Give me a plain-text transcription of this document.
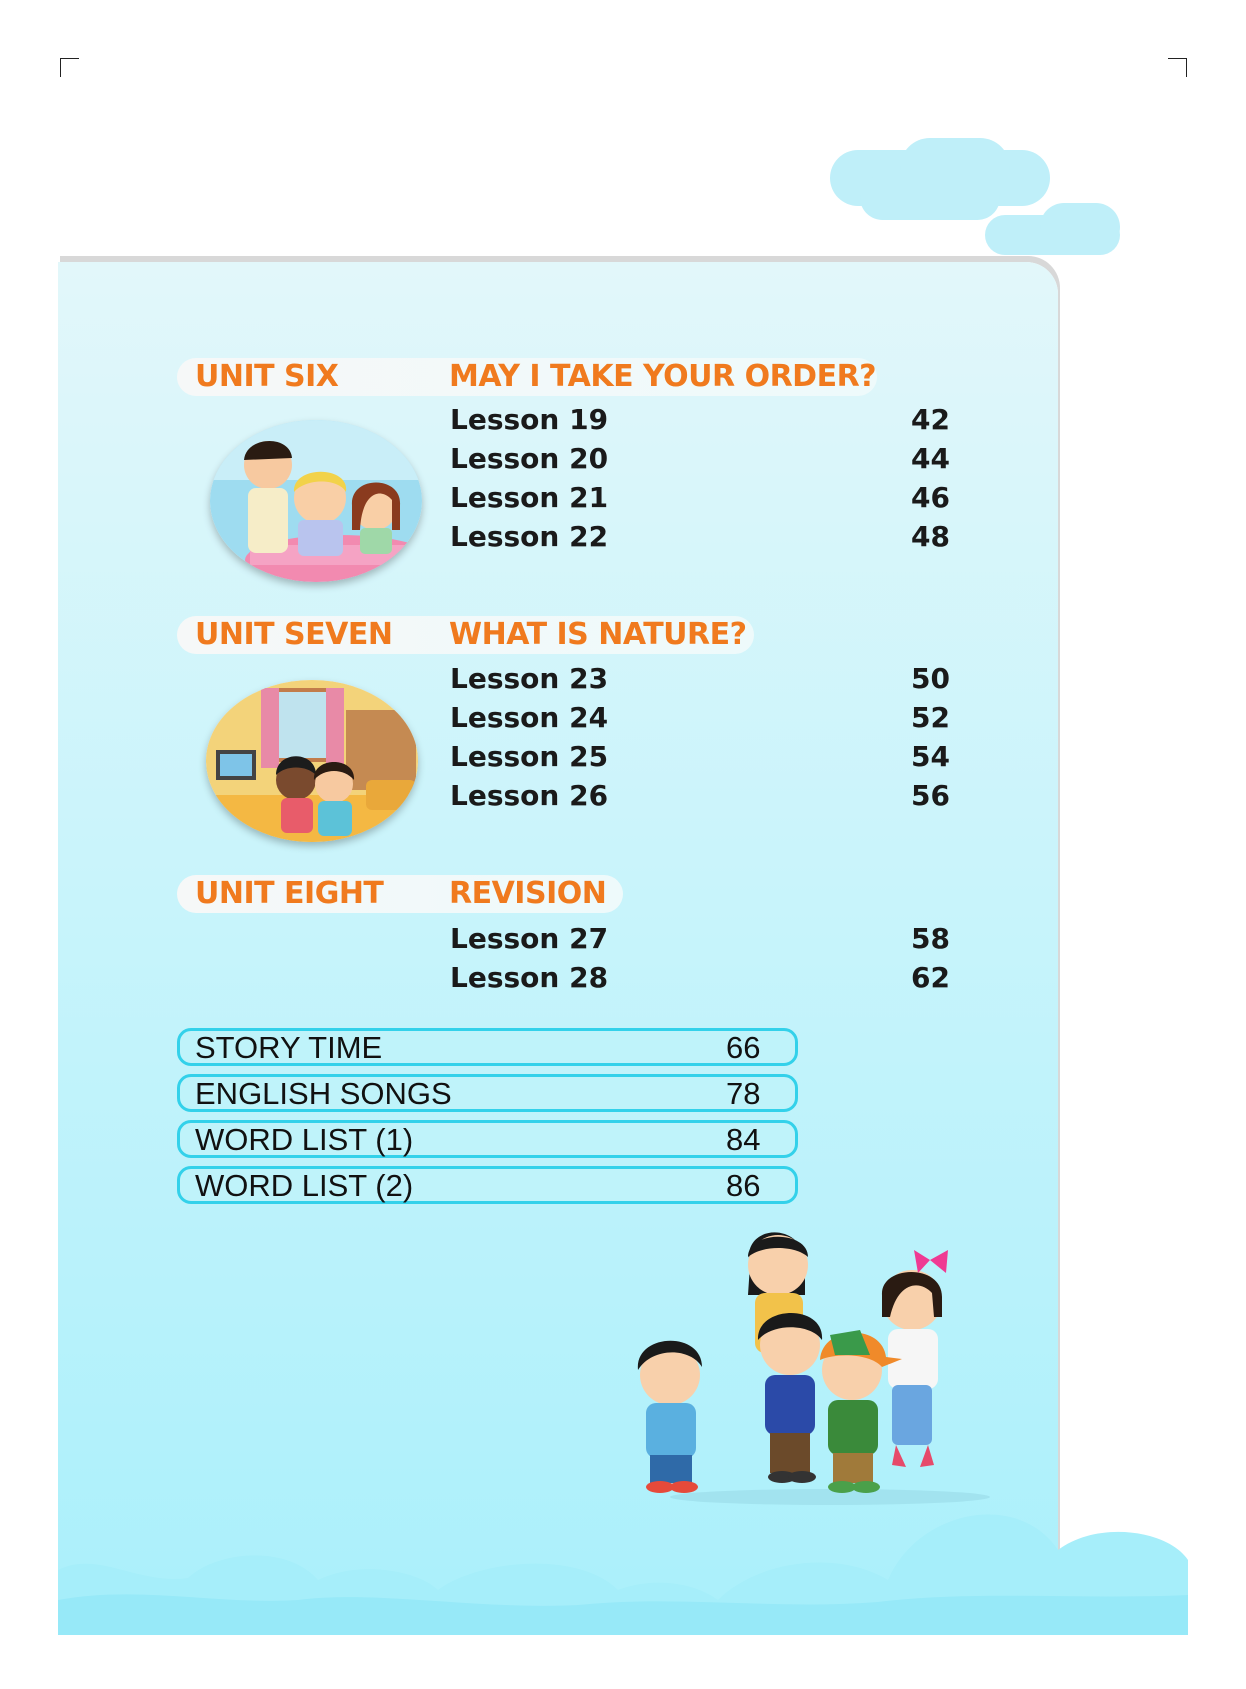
UNIT SIX	MAY I TAKE YOUR ORDER?
Lesson 19	42
Lesson 20	44
Lesson 21	46
Lesson 22	48
UNIT SEVEN WHAT IS NATURE?
Lesson 23	50
Lesson 24	52
Lesson 25	54
Lesson 26	56
UNIT EIGHT REVISION
Lesson 27	58
Lesson 28	62
STORY TIME	66
ENGLISH SONGS	78
WORD LIST (1)	84
WORD LIST (2)	86
